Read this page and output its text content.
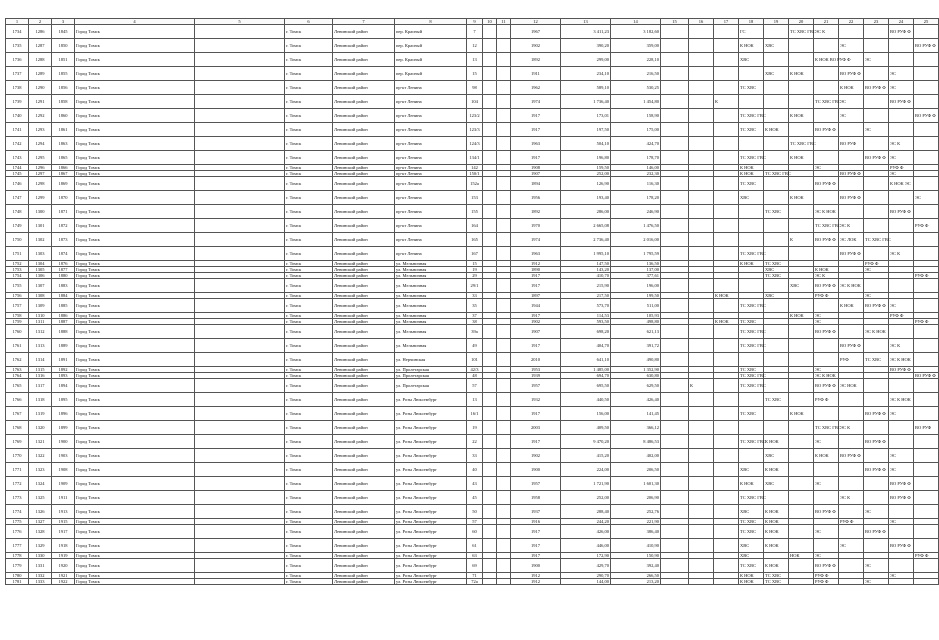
1	2	3	4	5	6	7	8	9	10	11	12	13	14	15	16	17	18	19	20	21	22	23	24	25
1734	1286	1845	Город Томск		г. Томск	Ленинский район	пер. Красный	7			1967	3 411,23	3 182,60				ГС		ТС ХВС ГВС	ЭС К			ВО РУФ Ф	
1735	1287	1850	Город Томск		г. Томск	Ленинский район	пер. Красный	12			1902	390,20	359,00				К НОК	ХВС			ЭС			ВО РУФ Ф
1736	1288	1851	Город Томск		г. Томск	Ленинский район	пер. Красный	13			1892	299,00	228,10				ХВС			К НОК ВО РУФ Ф		ЭС		
1737	1289	1855	Город Томск		г. Томск	Ленинский район	пер. Красный	15			1911	234,10	216,50					ХВС	К НОК		ВО РУФ Ф		ЭС	
1738	1290	1856	Город Томск		г. Томск	Ленинский район	пр-кт Ленина	98			1962	589,10	530,25				ТС ХВС				К НОК	ВО РУФ Ф	ЭС	
1739	1291	1858	Город Томск		г. Томск	Ленинский район	пр-кт Ленина	104			1974	1 736,40	1 454,80			К				ТС ХВС ГВС	ЭС		ВО РУФ Ф	
1740	1292	1860	Город Томск		г. Томск	Ленинский район	пр-кт Ленина	123/2			1917	173,01	158,90				ТС ХВС ГВС		К НОК		ЭС			ВО РУФ Ф
1741	1293	1861	Город Томск		г. Томск	Ленинский район	пр-кт Ленина	123/3			1917	197,50	175,00				ТС ХВС	К НОК		ВО РУФ Ф		ЭС		
1742	1294	1863	Город Томск		г. Томск	Ленинский район	пр-кт Ленина	124/3			1963	504,10	424,70						ТС ХВС ГВС		ВО РУФ		ЭС К	
1743	1295	1865	Город Томск		г. Томск	Ленинский район	пр-кт Ленина	134/1			1917	196,80	178,70				ТС ХВС ГВС		К НОК			ВО РУФ Ф	ЭС	
1744	1296	1866	Город Томск		г. Томск	Ленинский район	пр-кт Ленина	142			1908	159,50	146,00				К НОК			ЭС			РУФ Ф	
1745	1297	1867	Город Томск		г. Томск	Ленинский район	пр-кт Ленина	150/1			1907	252,00	232,30				К НОК	ТС ХВС ГВС			ВО РУФ Ф		ЭС	
1746	1298	1869	Город Томск		г. Томск	Ленинский район	пр-кт Ленина	152а			1894	126,90	116,30				ТС ХВС			ВО РУФ Ф			К НОК ЭС	
1747	1299	1870	Город Томск		г. Томск	Ленинский район	пр-кт Ленина	153			1956	193,40	178,20				ХВС		К НОК		ВО РУФ Ф			ЭС
1748	1300	1871	Город Томск		г. Томск	Ленинский район	пр-кт Ленина	155			1892	286,00	246,90					ТС ХВС		ЭС К НОК			ВО РУФ Ф	
1749	1301	1872	Город Томск		г. Томск	Ленинский район	пр-кт Ленина	164			1970	2 665,08	1 476,50							ТС ХВС ГВС	ЭС К			РУФ Ф
1750	1302	1873	Город Томск		г. Томск	Ленинский район	пр-кт Ленина	165			1974	2 736,40	2 016,00						К	ВО РУФ Ф	ЭС ЛОК	ТС ХВС ГВС		
1751	1303	1874	Город Томск		г. Томск	Ленинский район	пр-кт Ленина	167			1963	1 995,10	1 795,59				ТС ХВС ГВС				ВО РУФ Ф		ЭС К	
1752	1304	1876	Город Томск		г. Томск	Ленинский район	ул. Мельничная	15			1912	147,50	136,50				К НОК	ТС ХВС				РУФ Ф		
1753	1305	1877	Город Томск		г. Томск	Ленинский район	ул. Мельничная	19			1890	143,20	137,00					ХВС		К НОК		ЭС		
1754	1306	1880	Город Томск		г. Томск	Ленинский район	ул. Мельничная	29			1917	410,70	377,61					ТС ХВС		ЭС К				РУФ Ф
1755	1307	1883	Город Томск		г. Томск	Ленинский район	ул. Мельничная	29/1			1917	215,90	196,00						ХВС	ВО РУФ Ф	ЭС К НОК			
1756	1308	1884	Город Томск		г. Томск	Ленинский район	ул. Мельничная	33			1897	217,50	199,50			К НОК		ХВС		РУФ Ф		ЭС		
1757	1309	1885	Город Томск		г. Томск	Ленинский район	ул. Мельничная	35			1944	573,70	511,00				ТС ХВС ГВС				К НОК	ВО РУФ Ф	ЭС	
1758	1310	1886	Город Томск		г. Томск	Ленинский район	ул. Мельничная	37			1917	114,53	105,93						К НОК	ЭС			РУФ Ф	
1759	1311	1887	Город Томск		г. Томск	Ленинский район	ул. Мельничная	38			1902	593,50	498,80			К НОК	ТС ХВС			ЭС				РУФ Ф
1760	1312	1888	Город Томск		г. Томск	Ленинский район	ул. Мельничная	39а			1907	698,20	621,13				ТС ХВС ГВС			ВО РУФ Ф		ЭС К НОК		
1761	1313	1889	Город Томск		г. Томск	Ленинский район	ул. Мельничная	49			1917	404,70	391,72				ТС ХВС ГВС				ВО РУФ Ф		ЭС К	
1762	1314	1891	Город Томск		г. Томск	Ленинский район	ул. Нерчинская	101			2010	641,10	490,80								РУФ	ТС ХВС	ЭС К НОК	
1763	1315	1892	Город Томск		г. Томск	Ленинский район	ул. Пролетарская	42/3			1953	1 485,00	1 352,90				ТС ХВС			ЭС			ВО РУФ Ф	
1764	1316	1893	Город Томск		г. Томск	Ленинский район	ул. Пролетарская	48			1939	694,70	630,80				ТС ХВС ГВС			ЭС К НОК				ВО РУФ Ф
1765	1317	1894	Город Томск		г. Томск	Ленинский район	ул. Пролетарская	57			1957	695,50	629,50		К		ТС ХВС ГВС			ВО РУФ Ф	ЭС НОК			
1766	1318	1895	Город Томск		г. Томск	Ленинский район	ул. Розы Люксембург	13			1932	440,50	426,40					ТС ХВС		РУФ Ф			ЭС К НОК	
1767	1319	1896	Город Томск		г. Томск	Ленинский район	ул. Розы Люксембург	16/1			1917	156,00	141,45				ТС ХВС		К НОК			ВО РУФ Ф	ЭС	
1768	1320	1899	Город Томск		г. Томск	Ленинский район	ул. Розы Люксембург	19			2003	409,50	366,12							ТС ХВС ГВС	ЭС К			ВО РУФ
1769	1321	1900	Город Томск		г. Томск	Ленинский район	ул. Розы Люксембург	22			1917	9 470,20	8 486,53				ТС ХВС ГВС	К НОК		ЭС		ВО РУФ Ф		
1770	1322	1903	Город Томск		г. Томск	Ленинский район	ул. Розы Люксембург	33			1902	415,20	402,00					ХВС		К НОК	ВО РУФ Ф		ЭС	
1771	1323	1908	Город Томск		г. Томск	Ленинский район	ул. Розы Люксембург	40			1900	224,00	206,50				ХВС	К НОК				ВО РУФ Ф	ЭС	
1772	1324	1909	Город Томск		г. Томск	Ленинский район	ул. Розы Люксембург	43			1957	1 721,90	1 601,30				К НОК	ХВС		ЭС			ВО РУФ Ф	
1773	1325	1911	Город Томск		г. Томск	Ленинский район	ул. Розы Люксембург	45			1958	252,00	206,90				ТС ХВС ГВС				ЭС К		ВО РУФ Ф	
1774	1326	1913	Город Томск		г. Томск	Ленинский район	ул. Розы Люксембург	50			1937	288,40	252,76				ХВС	К НОК		ВО РУФ Ф		ЭС		
1775	1327	1915	Город Томск		г. Томск	Ленинский район	ул. Розы Люксембург	57			1916	244,20	221,90				ТС ХВС	К НОК			РУФ Ф		ЭС	
1776	1328	1917	Город Томск		г. Томск	Ленинский район	ул. Розы Люксембург	60			1917	426,00	386,40				ТС ХВС	К НОК		ЭС		ВО РУФ Ф		
1777	1329	1918	Город Томск		г. Томск	Ленинский район	ул. Розы Люксембург	61			1917	446,00	410,90				ХВС	К НОК			ЭС		ВО РУФ Ф	
1778	1330	1919	Город Томск		г. Томск	Ленинский район	ул. Розы Люксембург	63			1917	172,90	150,90				ХВС		НОК	ЭС				РУФ Ф
1779	1331	1920	Город Томск		г. Томск	Ленинский район	ул. Розы Люксембург	69			1900	429,70	392,40				ТС ХВС	К НОК		ВО РУФ Ф		ЭС		
1780	1332	1921	Город Томск		г. Томск	Ленинский район	ул. Розы Люксембург	71			1912	290,70	266,50				К НОК	ТС ХВС		РУФ Ф			ЭС	
1781	1333	1922	Город Томск		г. Томск	Ленинский район	ул. Розы Люксембург	72а			1912	144,00	213,20				К НОК	ТС ХВС		РУФ Ф		ЭС		
